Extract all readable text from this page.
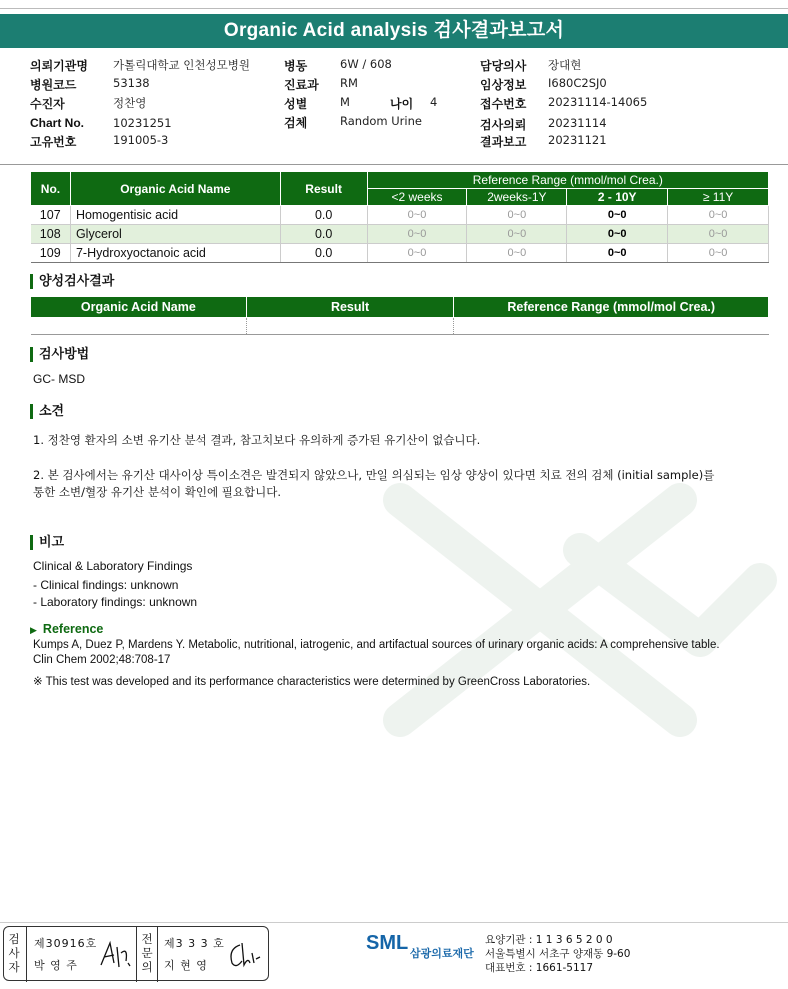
Organic Acid analysis 검사결과보고서
의뢰기관명 가톨릭대학교 인천성모병원
병원코드	53138
수진자	정찬영
Chart No.	10231251
고유번호	191005-3
병동	6W / 608
진료과 RM
성별	M	나이 4
검체	Random Urine
담당의사 장대현
임상정보 I680C2SJ0
접수번호 20231114-14065
검사의뢰 20231114
결과보고 20231121
No.	Organic Acid Name	Result	Reference Range (mmol/mol Crea.)			
			<2 weeks	2weeks-1Y	2 - 10Y	≥ 11Y
107	Homogentisic acid	0.0	0~0	0~0	0~0	0~0
108	Glycerol	0.0	0~0	0~0	0~0	0~0
109	7-Hydroxyoctanoic acid	0.0	0~0	0~0	0~0	0~0
양성검사결과
Organic Acid Name	Result	Reference Range (mmol/mol Crea.)

검사방법
GC- MSD
소견
1. 정찬영 환자의 소변 유기산 분석 결과, 참고치보다 유의하게 증가된 유기산이 없습니다.
2. 본 검사에서는 유기산 대사이상 특이소견은 발견되지 않았으나, 만일 의심되는 임상 양상이 있다면 치료 전의 검체 (initial sample)를
통한 소변/혈장 유기산 분석이 확인에 필요합니다.
비고
Clinical & Laboratory Findings
- Clinical findings: unknown
- Laboratory findings: unknown
▶ Reference
Kumps A, Duez P, Mardens Y. Metabolic, nutritional, iatrogenic, and artifactual sources of urinary organic acids: A comprehensive table. Clin Chem 2002;48:708-17
※ This test was developed and its performance characteristics were determined by GreenCross Laboratories.
검
사
자
제30916호
박 영 주
전
문
의
제3 3 3 호
지 현 영
SML 삼광의료재단
요양기관 : 1 1 3 6 5 2 0 0
서울특별시 서초구 양재동 9-60
대표번호 : 1661-5117
